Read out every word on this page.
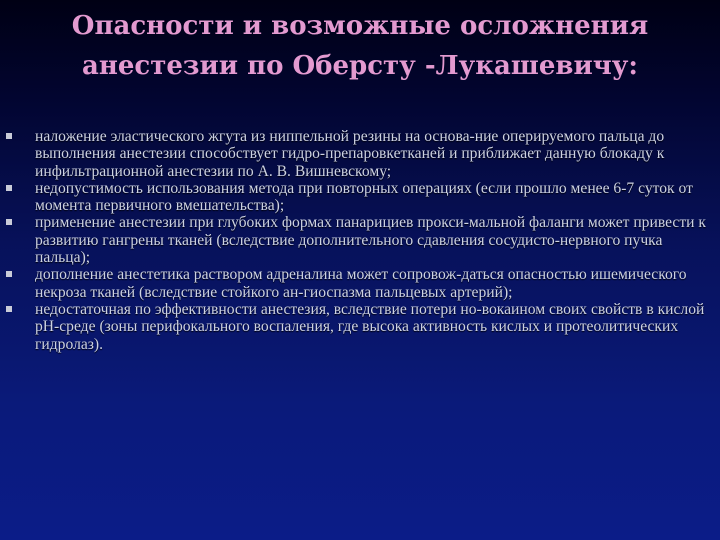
Опасности и возможные осложнения
анестезии по Оберсту -Лукашевичу:
наложение эластического жгута из ниппельной резины на основа-ние оперируемого пальца до выполнения анестезии способствует гидро-препаровкетканей и приближает данную блокаду к инфильтрационной анестезии по А. В. Вишневскому;
недопустимость использования метода при повторных операциях (если прошло менее 6-7 суток от момента первичного вмешательства);
применение анестезии при глубоких формах панарициев прокси-мальной фаланги может привести к развитию гангрены тканей (вследствие дополнительного сдавления сосудисто-нервного пучка пальца);
дополнение анестетика раствором адреналина может сопровож-даться опасностью ишемического некроза тканей (вследствие стойкого ан-гиоспазма пальцевых артерий);
недостаточная по эффективности анестезия, вследствие потери но-вокаином своих свойств в кислой pH-среде (зоны перифокального воспаления, где высока активность кислых и протеолитических гидролаз).
